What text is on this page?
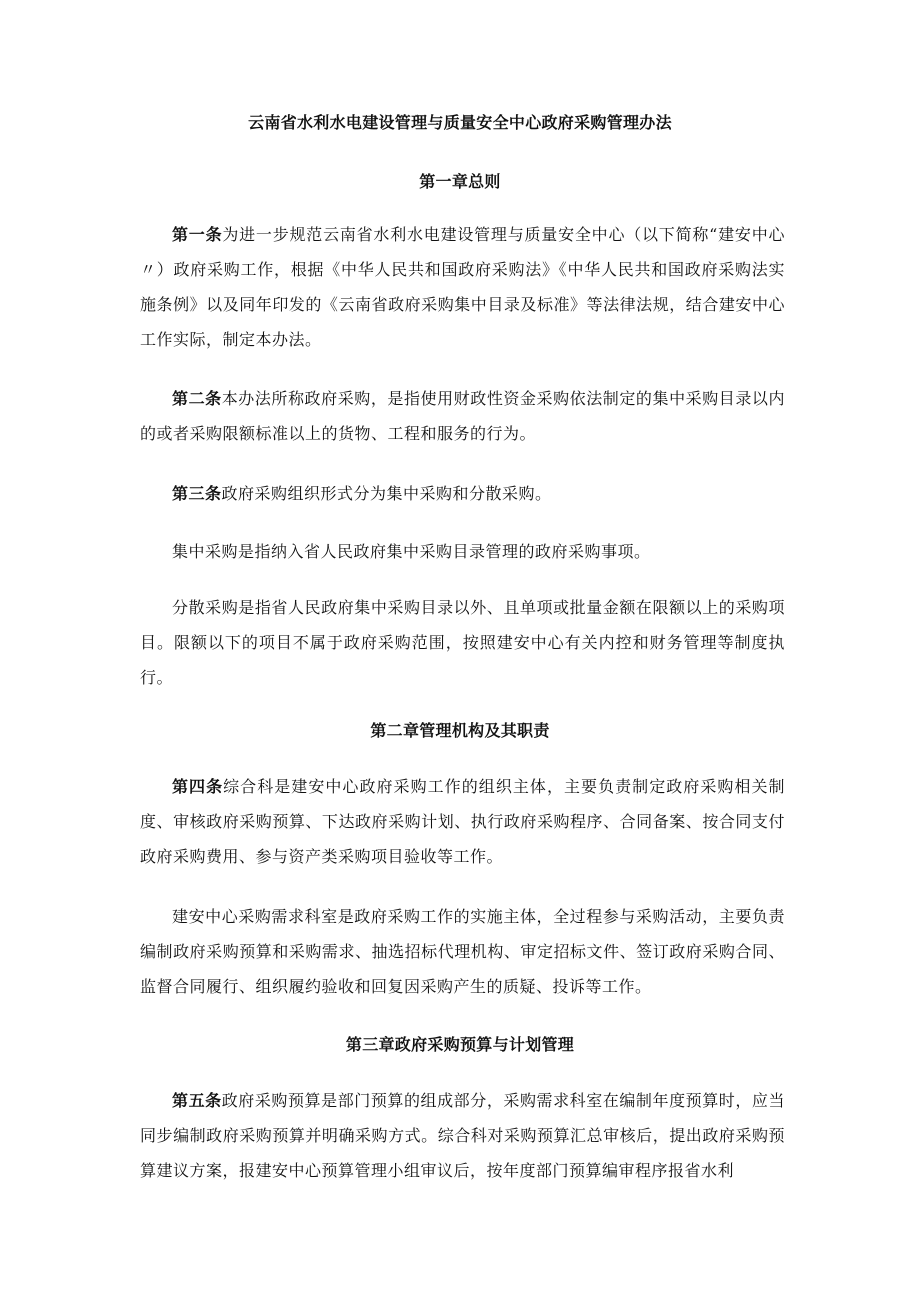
云南省水利水电建设管理与质量安全中心政府采购管理办法
第一章总则

第一条为进一步规范云南省水利水电建设管理与质量安全中心（以下简称“建安中心〃）政府采购工作，根据《中华人民共和国政府采购法》《中华人民共和国政府采购法实施条例》以及同年印发的《云南省政府采购集中目录及标准》等法律法规，结合建安中心工作实际，制定本办法。

第二条本办法所称政府采购，是指使用财政性资金采购依法制定的集中采购目录以内的或者采购限额标准以上的货物、工程和服务的行为。

第三条政府采购组织形式分为集中采购和分散采购。

集中采购是指纳入省人民政府集中采购目录管理的政府采购事项。

分散采购是指省人民政府集中采购目录以外、且单项或批量金额在限额以上的采购项目。限额以下的项目不属于政府采购范围，按照建安中心有关内控和财务管理等制度执行。

第二章管理机构及其职责

第四条综合科是建安中心政府采购工作的组织主体，主要负责制定政府采购相关制度、审核政府采购预算、下达政府采购计划、执行政府采购程序、合同备案、按合同支付政府采购费用、参与资产类采购项目验收等工作。

建安中心采购需求科室是政府采购工作的实施主体，全过程参与采购活动，主要负责编制政府采购预算和采购需求、抽选招标代理机构、审定招标文件、签订政府采购合同、监督合同履行、组织履约验收和回复因采购产生的质疑、投诉等工作。

第三章政府采购预算与计划管理

第五条政府采购预算是部门预算的组成部分，采购需求科室在编制年度预算时，应当同步编制政府采购预算并明确采购方式。综合科对采购预算汇总审核后，提出政府采购预算建议方案，报建安中心预算管理小组审议后，按年度部门预算编审程序报省水利
